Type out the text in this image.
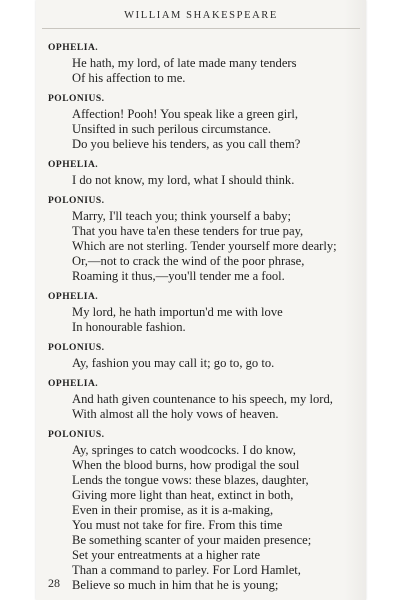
WILLIAM SHAKESPEARE
OPHELIA.
He hath, my lord, of late made many tenders
Of his affection to me.
POLONIUS.
Affection! Pooh! You speak like a green girl,
Unsifted in such perilous circumstance.
Do you believe his tenders, as you call them?
OPHELIA.
I do not know, my lord, what I should think.
POLONIUS.
Marry, I'll teach you; think yourself a baby;
That you have ta'en these tenders for true pay,
Which are not sterling. Tender yourself more dearly;
Or,—not to crack the wind of the poor phrase,
Roaming it thus,—you'll tender me a fool.
OPHELIA.
My lord, he hath importun'd me with love
In honourable fashion.
POLONIUS.
Ay, fashion you may call it; go to, go to.
OPHELIA.
And hath given countenance to his speech, my lord,
With almost all the holy vows of heaven.
POLONIUS.
Ay, springes to catch woodcocks. I do know,
When the blood burns, how prodigal the soul
Lends the tongue vows: these blazes, daughter,
Giving more light than heat, extinct in both,
Even in their promise, as it is a-making,
You must not take for fire. From this time
Be something scanter of your maiden presence;
Set your entreatments at a higher rate
Than a command to parley. For Lord Hamlet,
Believe so much in him that he is young;
28
